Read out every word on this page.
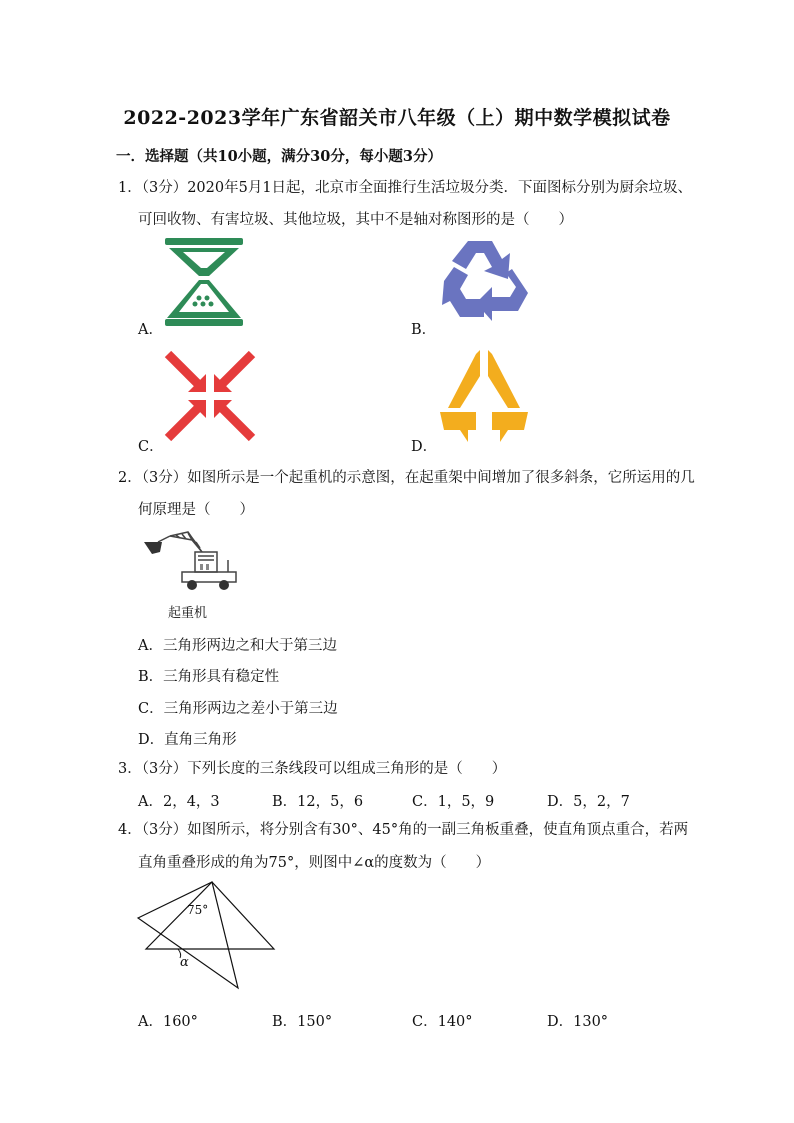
2022-2023学年广东省韶关市八年级（上）期中数学模拟试卷
一．选择题（共10小题，满分30分，每小题3分）
1．（3分）2020年5月1日起，北京市全面推行生活垃圾分类．下面图标分别为厨余垃圾、
可回收物、有害垃圾、其他垃圾，其中不是轴对称图形的是（　　）
A．	B．
C．	D．
2．（3分）如图所示是一个起重机的示意图，在起重架中间增加了很多斜条，它所运用的几
何原理是（　　）
起重机
A．三角形两边之和大于第三边
B．三角形具有稳定性
C．三角形两边之差小于第三边
D．直角三角形
3．（3分）下列长度的三条线段可以组成三角形的是（　　）
A．2，4，3	B．12，5，6	C．1，5，9	D．5，2，7
4．（3分）如图所示，将分别含有30°、45°角的一副三角板重叠，使直角顶点重合，若两
直角重叠形成的角为75°，则图中∠α的度数为（　　）
75°
α
A．160°	B．150°	C．140°	D．130°
